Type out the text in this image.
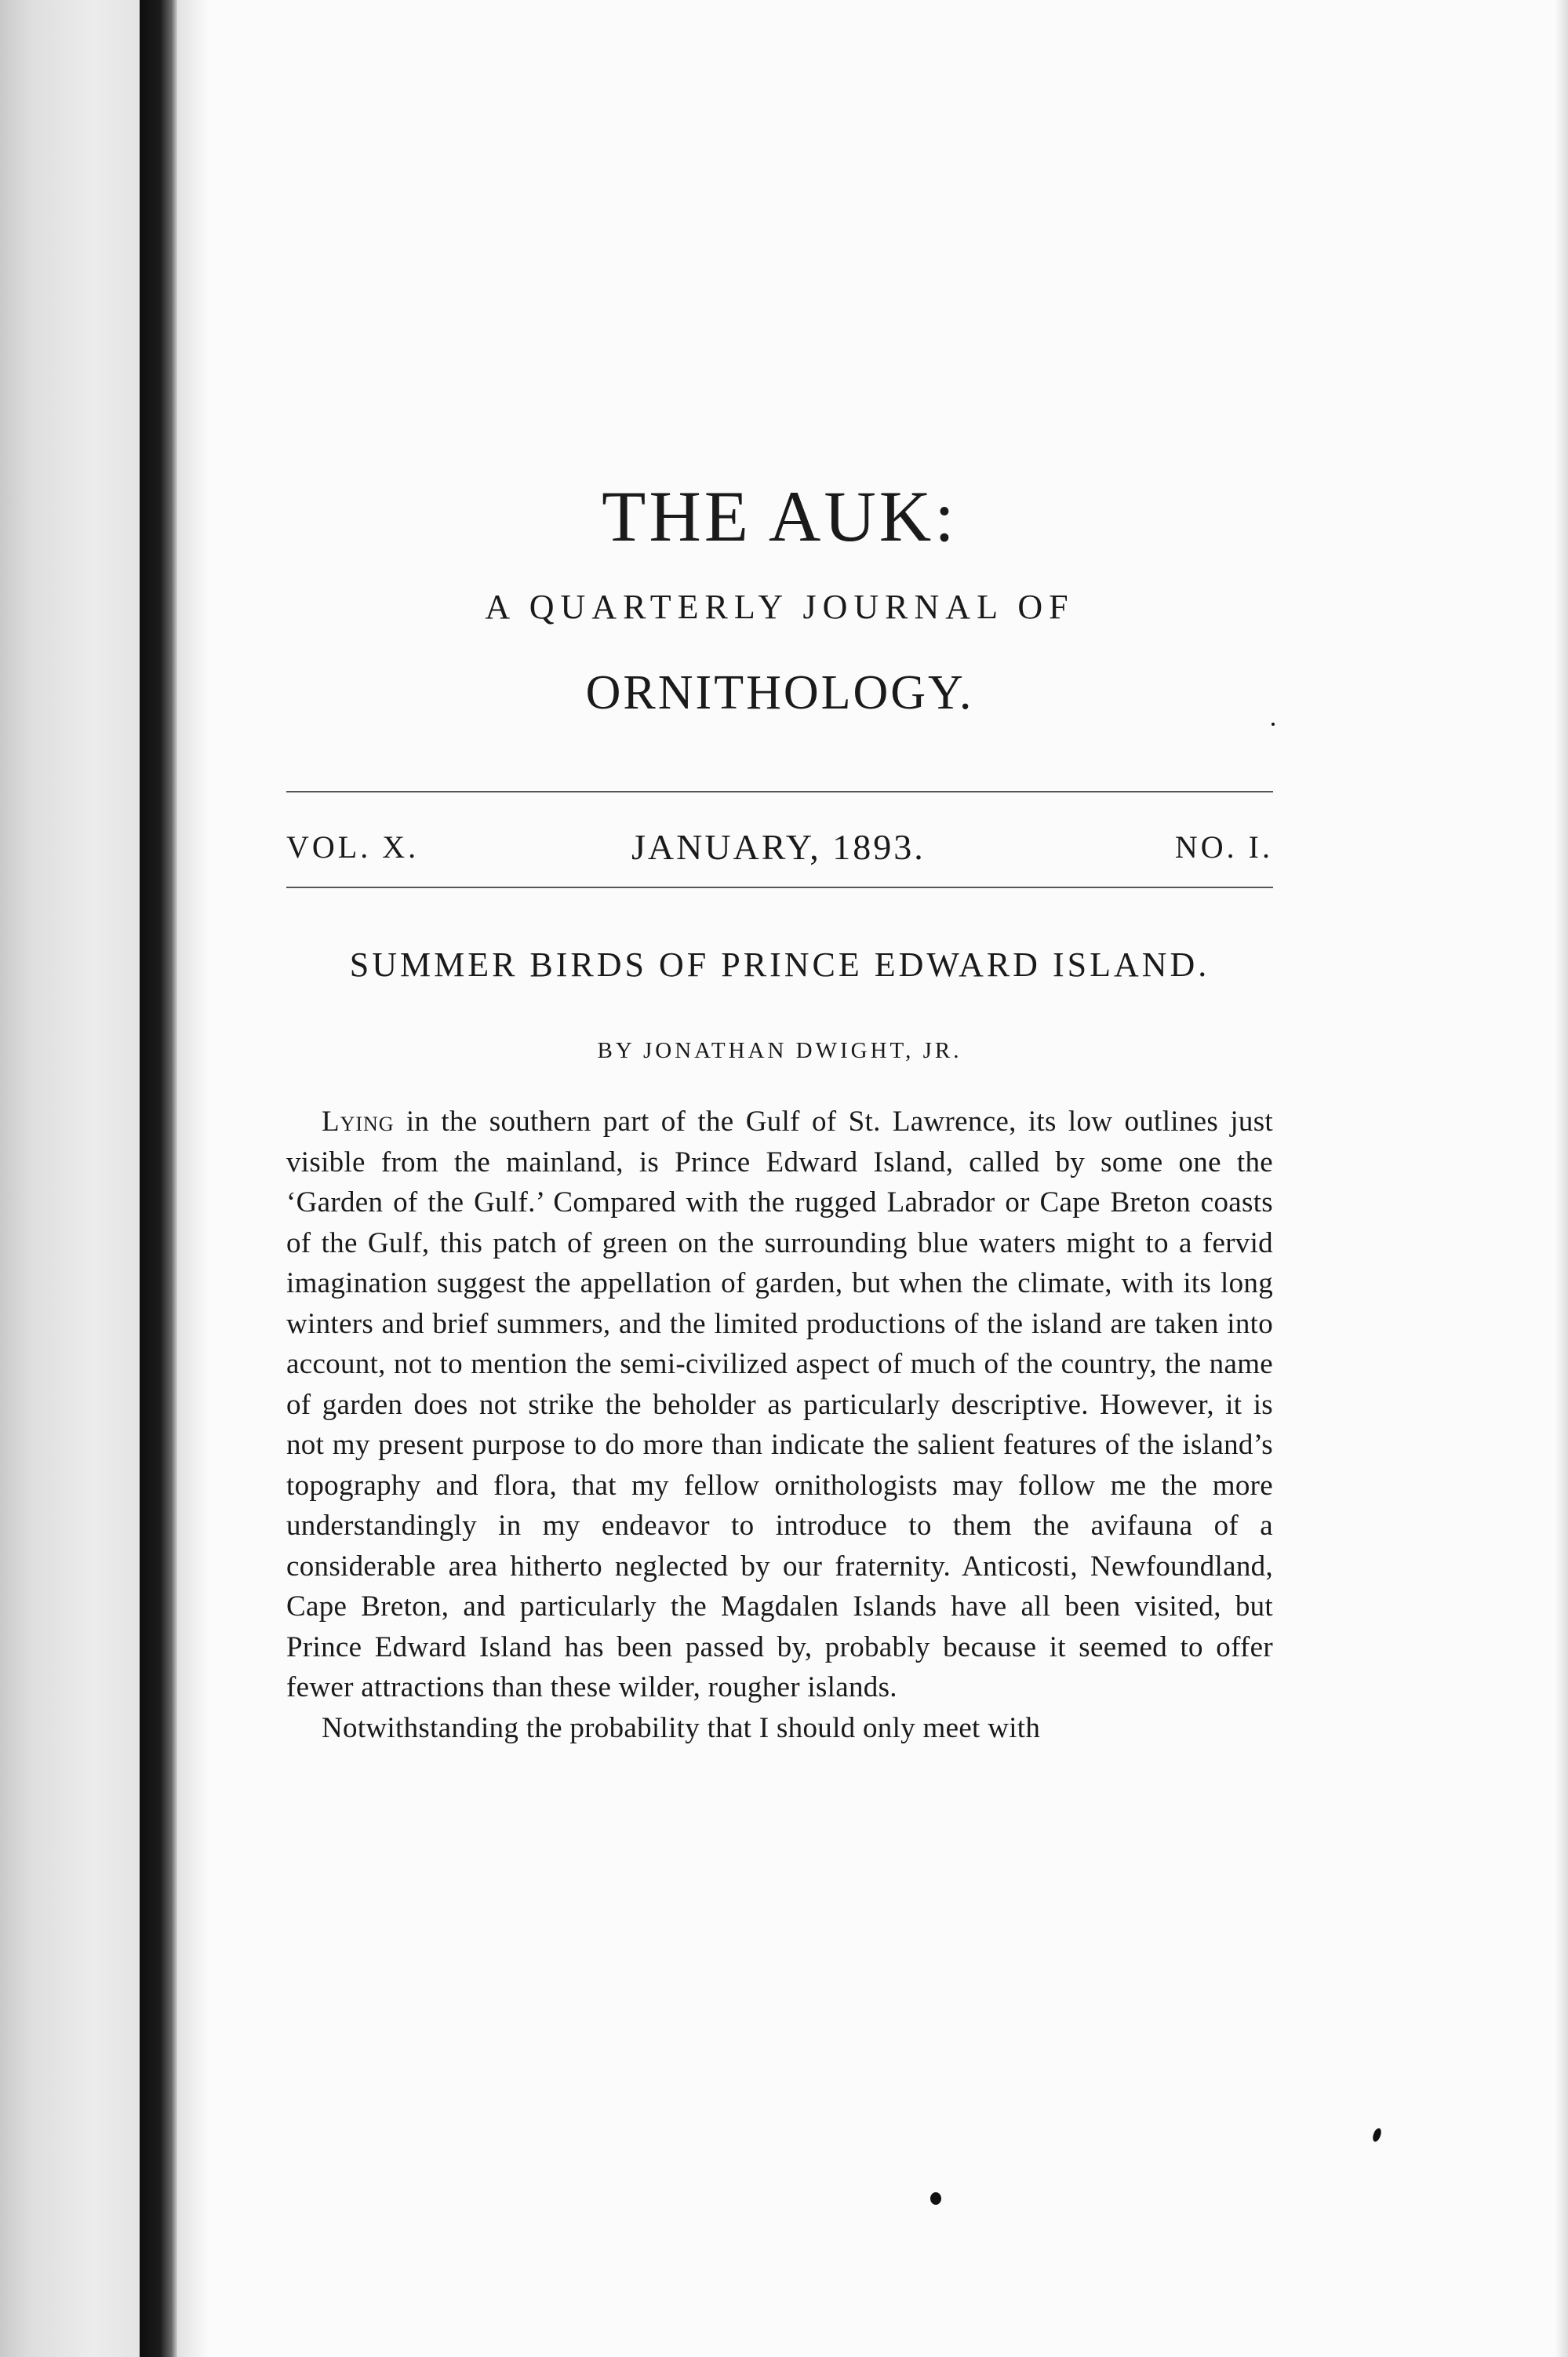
THE AUK:
A QUARTERLY JOURNAL OF
ORNITHOLOGY.
VOL. X.	JANUARY, 1893.	NO. I.
SUMMER BIRDS OF PRINCE EDWARD ISLAND.
BY JONATHAN DWIGHT, JR.

Lying in the southern part of the Gulf of St. Lawrence, its low outlines just visible from the mainland, is Prince Edward Island, called by some one the ‘Garden of the Gulf.’ Compared with the rugged Labrador or Cape Breton coasts of the Gulf, this patch of green on the surrounding blue waters might to a fervid imagination suggest the appellation of garden, but when the climate, with its long winters and brief summers, and the limited productions of the island are taken into account, not to mention the semi-civilized aspect of much of the country, the name of garden does not strike the beholder as particularly descriptive. However, it is not my present purpose to do more than indicate the salient features of the island’s topography and flora, that my fellow ornithologists may follow me the more understandingly in my endeavor to introduce to them the avifauna of a considerable area hitherto neglected by our fraternity. Anticosti, Newfoundland, Cape Breton, and particularly the Magdalen Islands have all been visited, but Prince Edward Island has been passed by, probably because it seemed to offer fewer attractions than these wilder, rougher islands.

Notwithstanding the probability that I should only meet with
